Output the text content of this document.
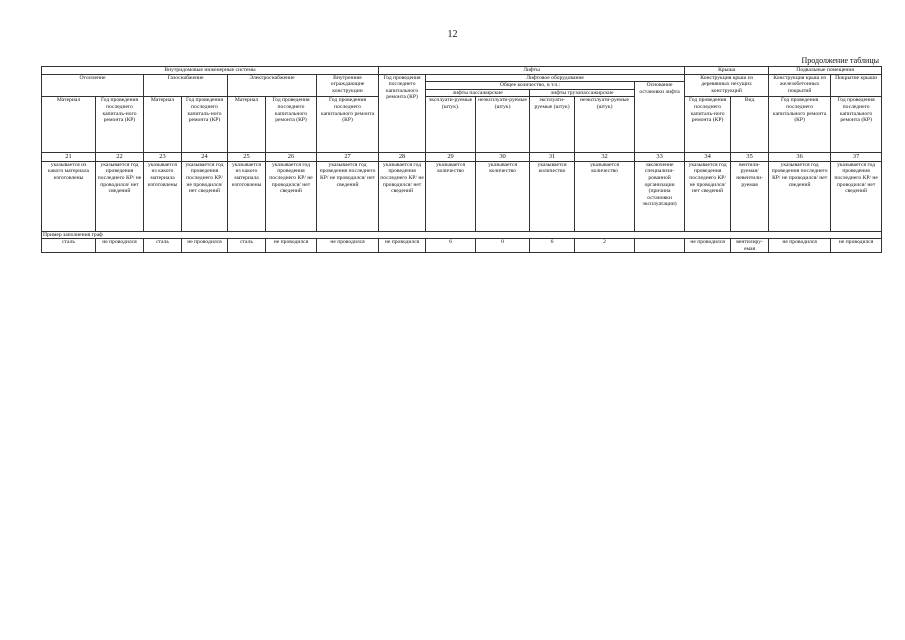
12
Продолжение таблицы
Внутридомовые инженерные системы							Лифты						Крыша		Подвальные помещения	
Отопление		Газоснабжение		Электроснабжение		Внутренние ограждающие конструкции	Год проведения последнего капитального ремонта (КР)	Лифтовое оборудование					Конструкция крыш из деревянных несущих конструкций		Конструкция крыш из железобетонных покрытий	Покрытие крыши
								Общее количество, в т.ч.:				Основание остановки лифта				
								лифты пассажирские		лифты грузопассажирские						
Материал	Год проведения последнего капиталь-ного ремонта (КР)	Материал	Год проведения последнего капиталь-ного ремонта (КР)	Материал	Год проведения последнего капитального ремонта (КР)	Год проведения последнего капитального ремонта (КР)		эксплуати-руемые (штук).	неэксплуати-руемые (штук)	эксплуати-руемые (штук)	неэксплуати-руемые (штук)		Год проведения последнего капиталь-ного ремонта (КР)	Вид	Год проведения последнего капитального ремонта (КР)	Год проведения последнего капитального ремонта (КР)
21	22	23	24	25	26	27	28	29	30	31	32	33	34	35	36	37
указывается из какого материала изготовлены	указывается год проведения последнего КР/ не проводился/ нет сведений	указывается из какого материала изготовлены	указывается год проведения последнего КР/ не проводился/ нет сведений	указывается из какого материала изготовлены	указывается год проведения последнего КР/ не проводился/ нет сведений	указывается год проведения последнего КР/ не проводился/ нет сведений	указывается год проведения последнего КР/ не проводился/ нет сведений	указывается количество	указывается количество	указывается количество	указывается количество	заключение специализи-рованной организации (причина остановки эксплуатации)	указывается год проведения последнего КР/ не проводился/ нет сведений	вентили-руемая/ невентили-руемая	указывается год проведения последнего КР/ не проводился/ нет сведений	указывается год проведения последнего КР/ не проводился/ нет сведений
Пример заполнения граф																
сталь	не проводился	сталь	не проводился	сталь	не проводился	не проводился	не проводился	6	0	6	2		не проводился	вентилиру-емая	не проводился	не проводился
